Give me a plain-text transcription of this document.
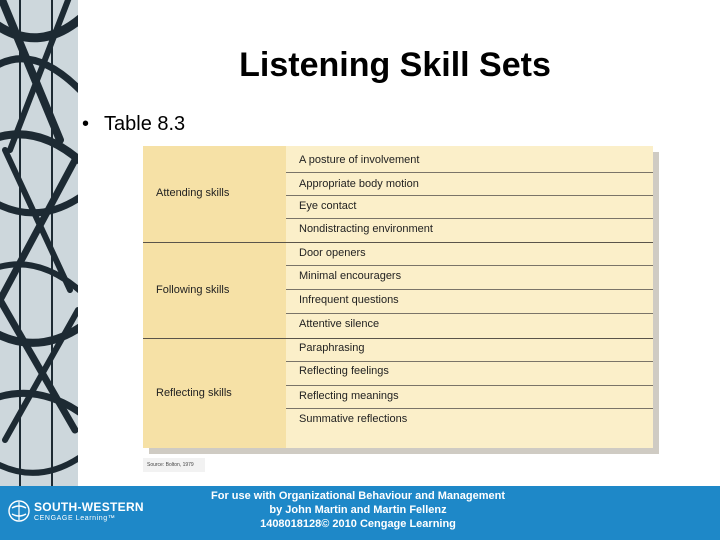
Listening Skill Sets
• Table 8.3
Attending skills
A posture of involvement
Appropriate body motion
Eye contact
Nondistracting environment
Following skills
Door openers
Minimal encouragers
Infrequent questions
Attentive silence
Reflecting skills
Paraphrasing
Reflecting feelings
Reflecting meanings
Summative reflections
Source: Bolton, 1979
SOUTH-WESTERN
CENGAGE Learning™
For use with Organizational Behaviour and Management
by John Martin and Martin Fellenz
1408018128© 2010 Cengage Learning
